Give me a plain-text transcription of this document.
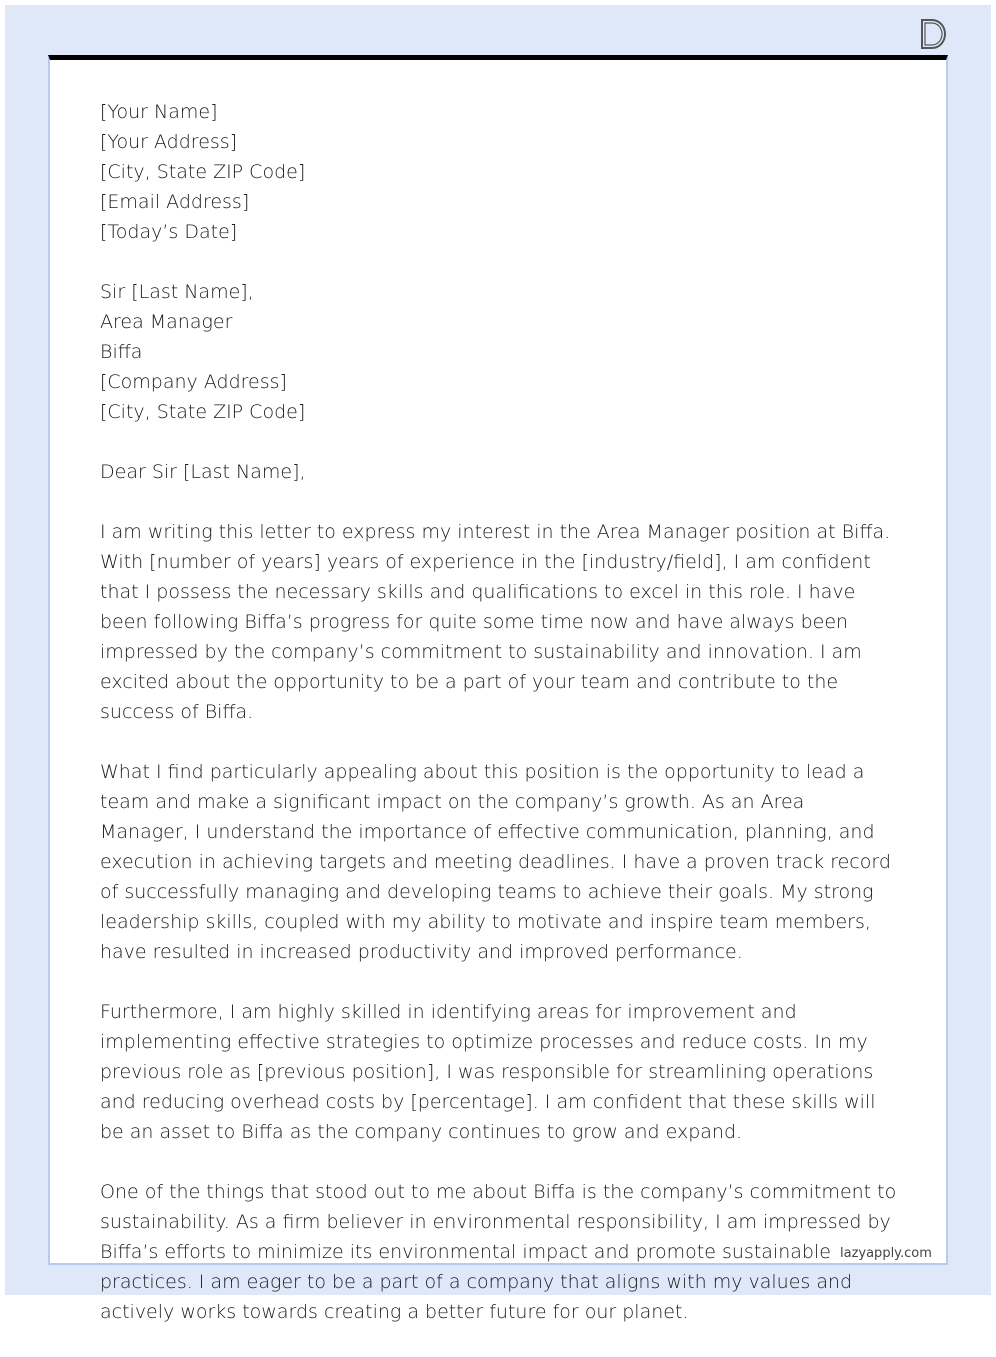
[Your Name]
[Your Address]
[City, State ZIP Code]
[Email Address]
[Today’s Date]
Sir [Last Name],
Area Manager
Biffa
[Company Address]
[City, State ZIP Code]
Dear Sir [Last Name],

I am writing this letter to express my interest in the Area Manager position at Biffa. With [number of years] years of experience in the [industry/field], I am confident that I possess the necessary skills and qualifications to excel in this role. I have been following Biffa’s progress for quite some time now and have always been impressed by the company’s commitment to sustainability and innovation. I am excited about the opportunity to be a part of your team and contribute to the success of Biffa.

What I find particularly appealing about this position is the opportunity to lead a team and make a significant impact on the company’s growth. As an Area Manager, I understand the importance of effective communication, planning, and execution in achieving targets and meeting deadlines. I have a proven track record of successfully managing and developing teams to achieve their goals. My strong leadership skills, coupled with my ability to motivate and inspire team members, have resulted in increased productivity and improved performance.

Furthermore, I am highly skilled in identifying areas for improvement and implementing effective strategies to optimize processes and reduce costs. In my previous role as [previous position], I was responsible for streamlining operations and reducing overhead costs by [percentage]. I am confident that these skills will be an asset to Biffa as the company continues to grow and expand.

One of the things that stood out to me about Biffa is the company’s commitment to sustainability. As a firm believer in environmental responsibility, I am impressed by Biffa’s efforts to minimize its environmental impact and promote sustainable practices. I am eager to be a part of a company that aligns with my values and actively works towards creating a better future for our planet.

lazyapply.com
